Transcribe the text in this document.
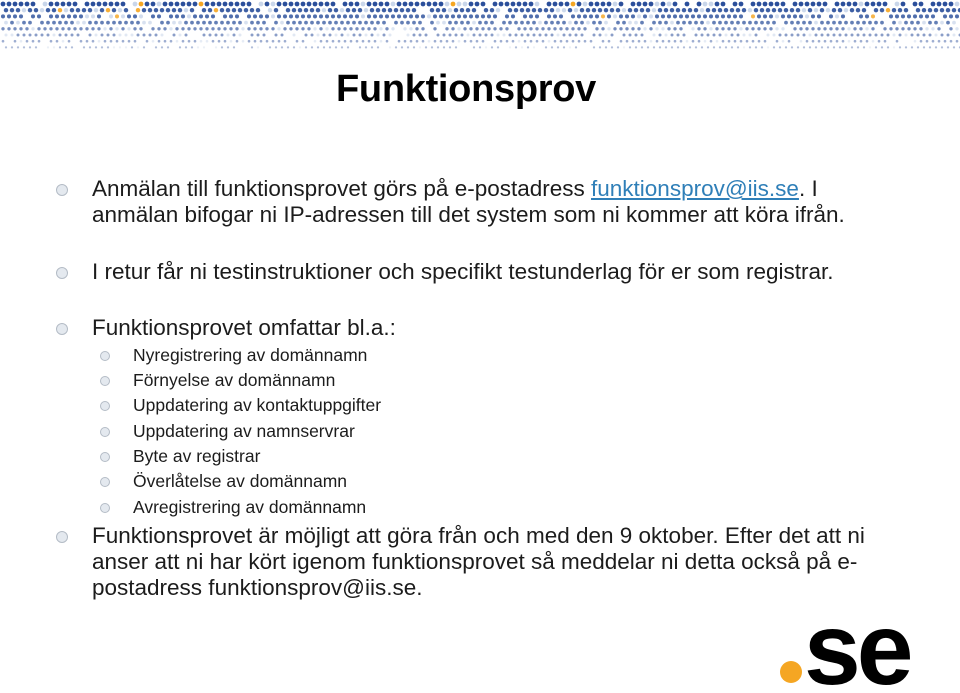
Funktionsprov
Anmälan till funktionsprovet görs på e-postadress funktionsprov@iis.se. I anmälan bifogar ni IP-adressen till det system som ni kommer att köra ifrån.
I retur får ni testinstruktioner och specifikt testunderlag för er som registrar.
Funktionsprovet omfattar bl.a.:
Nyregistrering av domännamn
Förnyelse av domännamn
Uppdatering av kontaktuppgifter
Uppdatering av namnservrar
Byte av registrar
Överlåtelse av domännamn
Avregistrering av domännamn
Funktionsprovet är möjligt att göra från och med den 9 oktober. Efter det att ni anser att ni har kört igenom funktionsprovet så meddelar ni detta också på e-postadress funktionsprov@iis.se.
se
